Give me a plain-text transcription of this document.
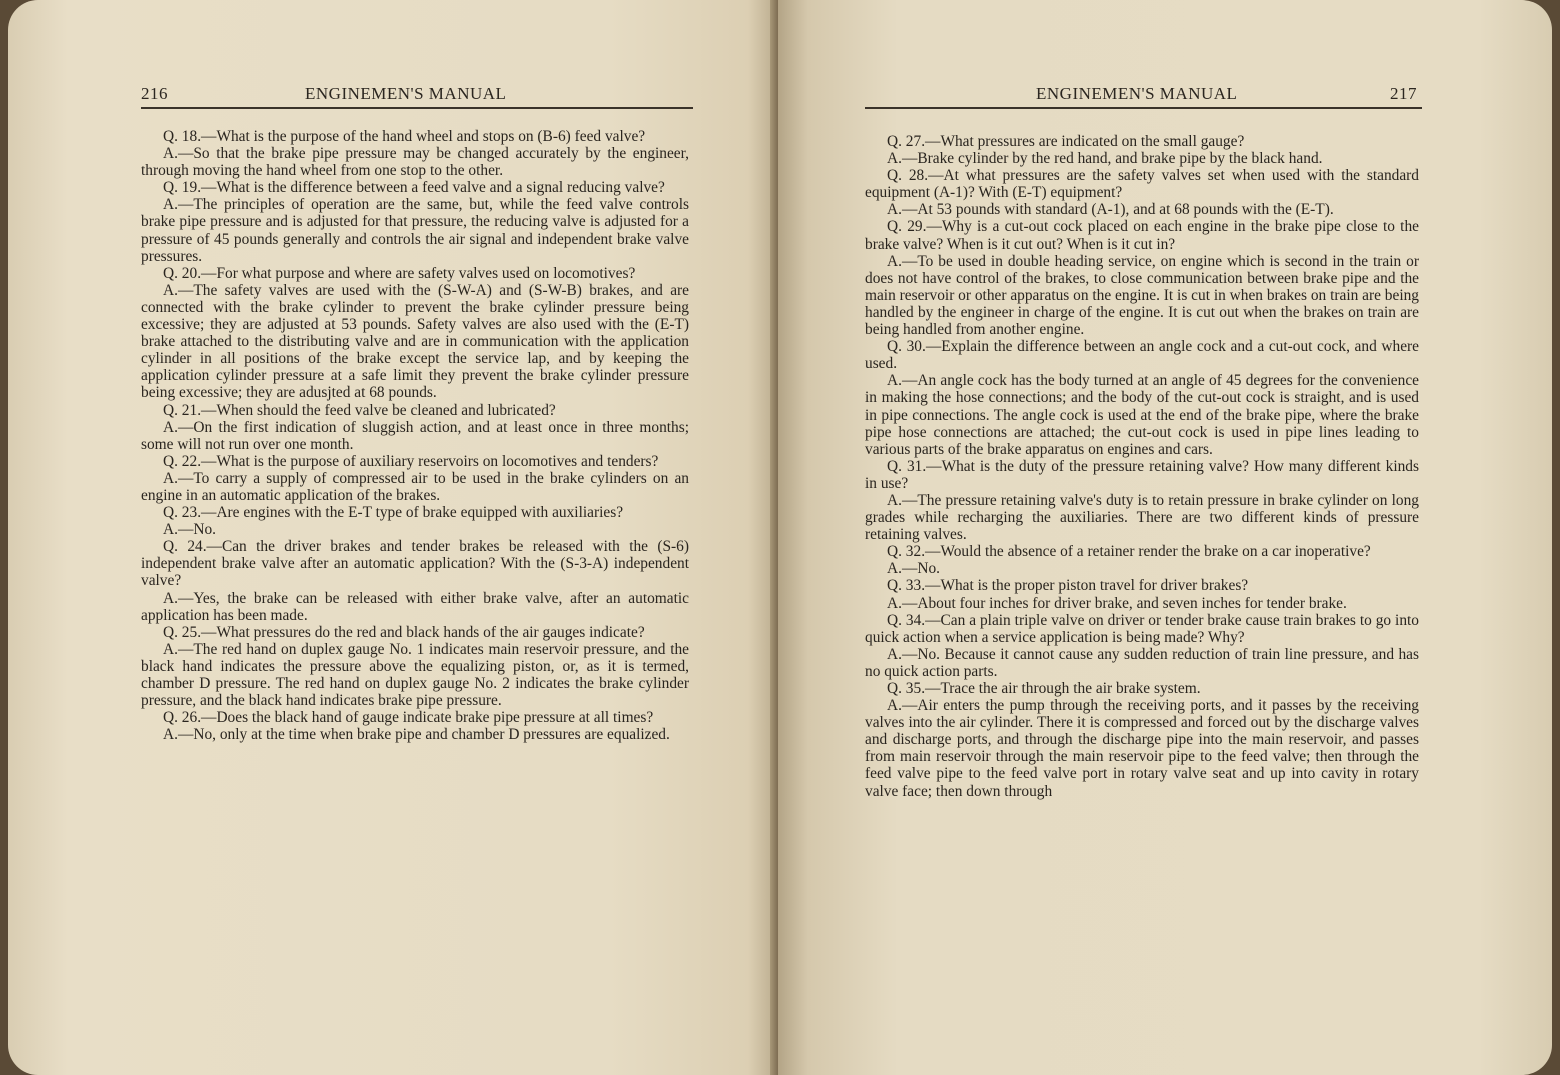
216	ENGINEMEN'S MANUAL

Q. 18.—What is the purpose of the hand wheel and stops on (B-6) feed valve?

A.—So that the brake pipe pressure may be changed accurately by the engineer, through moving the hand wheel from one stop to the other.

Q. 19.—What is the difference between a feed valve and a signal reducing valve?

A.—The principles of operation are the same, but, while the feed valve controls brake pipe pressure and is adjusted for that pressure, the reducing valve is adjusted for a pressure of 45 pounds generally and controls the air signal and independent brake valve pressures.

Q. 20.—For what purpose and where are safety valves used on locomotives?

A.—The safety valves are used with the (S-W-A) and (S-W-B) brakes, and are connected with the brake cylinder to prevent the brake cylinder pressure being excessive; they are adjusted at 53 pounds. Safety valves are also used with the (E-T) brake attached to the distributing valve and are in communication with the application cylinder in all positions of the brake except the service lap, and by keeping the application cylinder pressure at a safe limit they prevent the brake cylinder pressure being excessive; they are adusjted at 68 pounds.

Q. 21.—When should the feed valve be cleaned and lubricated?

A.—On the first indication of sluggish action, and at least once in three months; some will not run over one month.

Q. 22.—What is the purpose of auxiliary reservoirs on locomotives and tenders?

A.—To carry a supply of compressed air to be used in the brake cylinders on an engine in an automatic application of the brakes.

Q. 23.—Are engines with the E-T type of brake equipped with auxiliaries?

A.—No.

Q. 24.—Can the driver brakes and tender brakes be released with the (S-6) independent brake valve after an automatic application? With the (S-3-A) independent valve?

A.—Yes, the brake can be released with either brake valve, after an automatic application has been made.

Q. 25.—What pressures do the red and black hands of the air gauges indicate?

A.—The red hand on duplex gauge No. 1 indicates main reservoir pressure, and the black hand indicates the pressure above the equalizing piston, or, as it is termed, chamber D pressure. The red hand on duplex gauge No. 2 indicates the brake cylinder pressure, and the black hand indicates brake pipe pressure.

Q. 26.—Does the black hand of gauge indicate brake pipe pressure at all times?

A.—No, only at the time when brake pipe and chamber D pressures are equalized.

ENGINEMEN'S MANUAL	217

Q. 27.—What pressures are indicated on the small gauge?

A.—Brake cylinder by the red hand, and brake pipe by the black hand.

Q. 28.—At what pressures are the safety valves set when used with the standard equipment (A-1)? With (E-T) equipment?

A.—At 53 pounds with standard (A-1), and at 68 pounds with the (E-T).

Q. 29.—Why is a cut-out cock placed on each engine in the brake pipe close to the brake valve? When is it cut out? When is it cut in?

A.—To be used in double heading service, on engine which is second in the train or does not have control of the brakes, to close communication between brake pipe and the main reservoir or other apparatus on the engine. It is cut in when brakes on train are being handled by the engineer in charge of the engine. It is cut out when the brakes on train are being handled from another engine.

Q. 30.—Explain the difference between an angle cock and a cut-out cock, and where used.

A.—An angle cock has the body turned at an angle of 45 degrees for the convenience in making the hose connections; and the body of the cut-out cock is straight, and is used in pipe connections. The angle cock is used at the end of the brake pipe, where the brake pipe hose connections are attached; the cut-out cock is used in pipe lines leading to various parts of the brake apparatus on engines and cars.

Q. 31.—What is the duty of the pressure retaining valve? How many different kinds in use?

A.—The pressure retaining valve's duty is to retain pressure in brake cylinder on long grades while recharging the auxiliaries. There are two different kinds of pressure retaining valves.

Q. 32.—Would the absence of a retainer render the brake on a car inoperative?

A.—No.

Q. 33.—What is the proper piston travel for driver brakes?

A.—About four inches for driver brake, and seven inches for tender brake.

Q. 34.—Can a plain triple valve on driver or tender brake cause train brakes to go into quick action when a service application is being made? Why?

A.—No. Because it cannot cause any sudden reduction of train line pressure, and has no quick action parts.

Q. 35.—Trace the air through the air brake system.

A.—Air enters the pump through the receiving ports, and it passes by the receiving valves into the air cylinder. There it is compressed and forced out by the discharge valves and discharge ports, and through the discharge pipe into the main reservoir, and passes from main reservoir through the main reservoir pipe to the feed valve; then through the feed valve pipe to the feed valve port in rotary valve seat and up into cavity in rotary valve face; then down through
